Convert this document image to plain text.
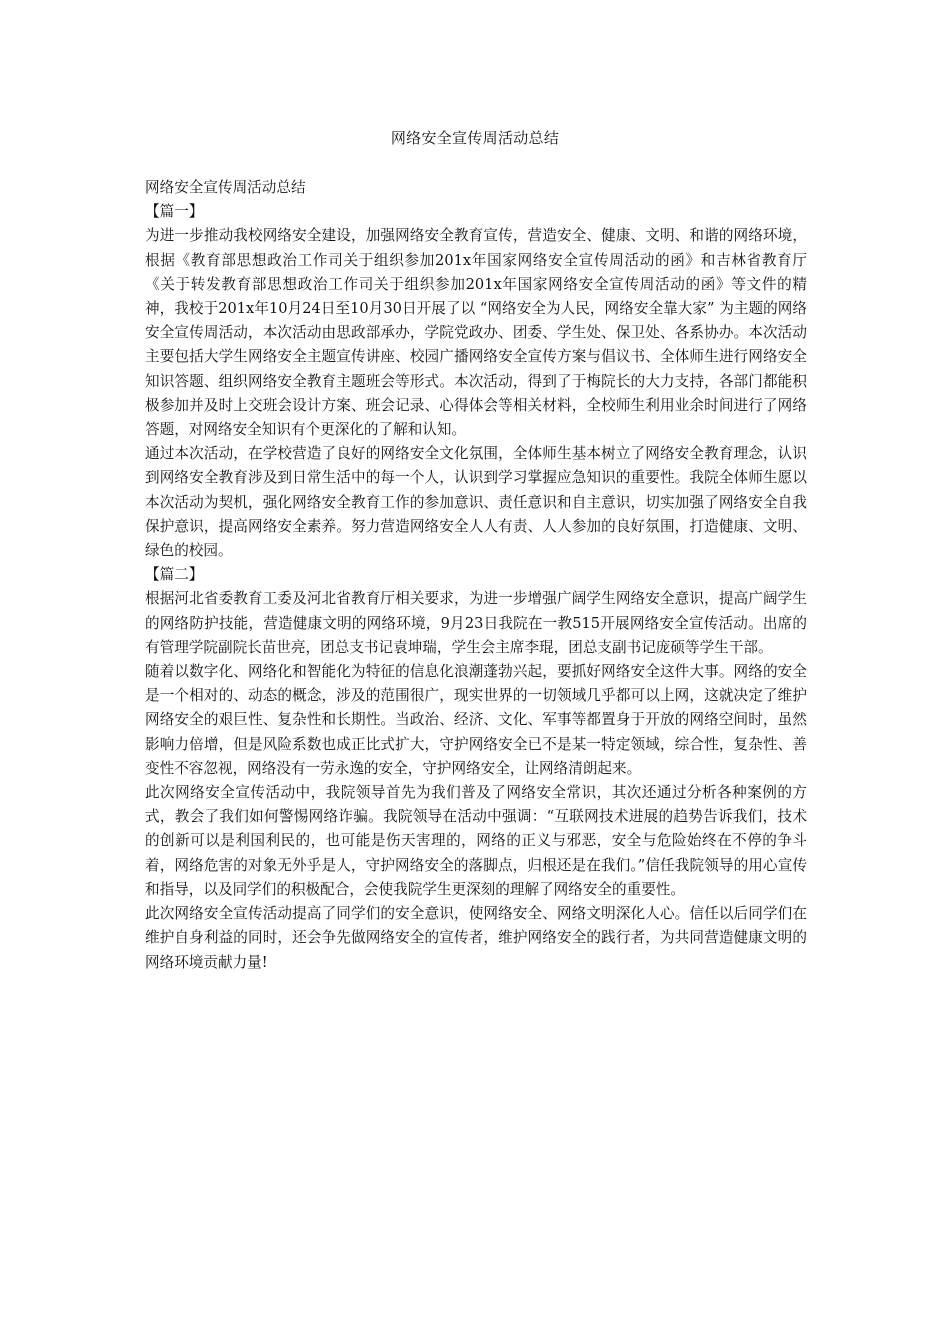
网络安全宣传周活动总结

网络安全宣传周活动总结

【篇一】

为进一步推动我校网络安全建设，加强网络安全教育宣传，营造安全、健康、文明、和谐的网络环境，根据《教育部思想政治工作司关于组织参加201x年国家网络安全宣传周活动的函》和吉林省教育厅《关于转发教育部思想政治工作司关于组织参加201x年国家网络安全宣传周活动的函》等文件的精神，我校于201x年10月24日至10月30日开展了以 “网络安全为人民，网络安全靠大家” 为主题的网络安全宣传周活动，本次活动由思政部承办，学院党政办、团委、学生处、保卫处、各系协办。本次活动主要包括大学生网络安全主题宣传讲座、校园广播网络安全宣传方案与倡议书、全体师生进行网络安全知识答题、组织网络安全教育主题班会等形式。本次活动，得到了于梅院长的大力支持，各部门都能积极参加并及时上交班会设计方案、班会记录、心得体会等相关材料，全校师生利用业余时间进行了网络答题，对网络安全知识有个更深化的了解和认知。

通过本次活动，在学校营造了良好的网络安全文化氛围，全体师生基本树立了网络安全教育理念，认识到网络安全教育涉及到日常生活中的每一个人，认识到学习掌握应急知识的重要性。我院全体师生愿以本次活动为契机，强化网络安全教育工作的参加意识、责任意识和自主意识，切实加强了网络安全自我保护意识，提高网络安全素养。努力营造网络安全人人有责、人人参加的良好氛围，打造健康、文明、绿色的校园。

【篇二】

根据河北省委教育工委及河北省教育厅相关要求，为进一步增强广阔学生网络安全意识，提高广阔学生的网络防护技能，营造健康文明的网络环境，9月23日我院在一教515开展网络安全宣传活动。出席的有管理学院副院长苗世亮，团总支书记袁坤瑞，学生会主席李琨，团总支副书记庞硕等学生干部。

随着以数字化、网络化和智能化为特征的信息化浪潮蓬勃兴起，要抓好网络安全这件大事。网络的安全是一个相对的、动态的概念，涉及的范围很广，现实世界的一切领域几乎都可以上网，这就决定了维护网络安全的艰巨性、复杂性和长期性。当政治、经济、文化、军事等都置身于开放的网络空间时，虽然影响力倍增，但是风险系数也成正比式扩大，守护网络安全已不是某一特定领域，综合性，复杂性、善变性不容忽视，网络没有一劳永逸的安全，守护网络安全，让网络清朗起来。

此次网络安全宣传活动中，我院领导首先为我们普及了网络安全常识，其次还通过分析各种案例的方式，教会了我们如何警惕网络诈骗。我院领导在活动中强调：“互联网技术进展的趋势告诉我们，技术的创新可以是利国利民的，也可能是伤天害理的，网络的正义与邪恶，安全与危险始终在不停的争斗着，网络危害的对象无外乎是人，守护网络安全的落脚点，归根还是在我们。”信任我院领导的用心宣传和指导，以及同学们的积极配合，会使我院学生更深刻的理解了网络安全的重要性。

此次网络安全宣传活动提高了同学们的安全意识，使网络安全、网络文明深化人心。信任以后同学们在维护自身利益的同时，还会争先做网络安全的宣传者，维护网络安全的践行者，为共同营造健康文明的网络环境贡献力量!
